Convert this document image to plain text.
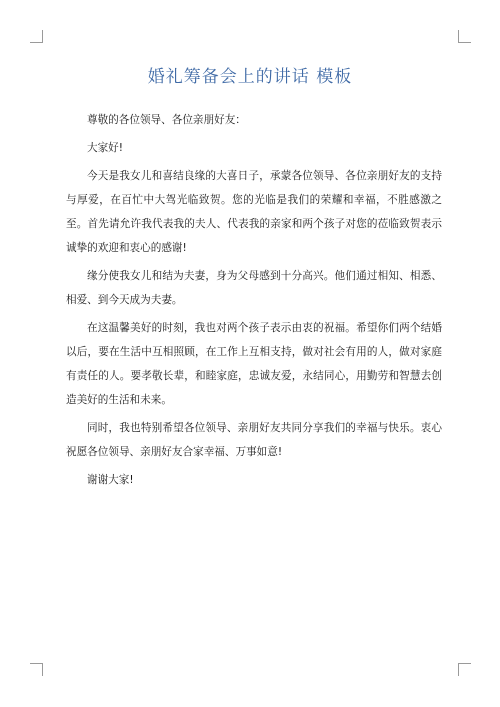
婚礼筹备会上的讲话 模板

尊敬的各位领导、各位亲朋好友：

大家好!

今天是我女儿和喜结良缘的大喜日子，承蒙各位领导、各位亲朋好友的支持与厚爱，在百忙中大驾光临致贺。您的光临是我们的荣耀和幸福，不胜感激之至。首先请允许我代表我的夫人、代表我的亲家和两个孩子对您的莅临致贺表示诚挚的欢迎和衷心的感谢!

缘分使我女儿和结为夫妻，身为父母感到十分高兴。他们通过相知、相悉、相爱、到今天成为夫妻。

在这温馨美好的时刻，我也对两个孩子表示由衷的祝福。希望你们两个结婚以后，要在生活中互相照顾，在工作上互相支持，做对社会有用的人，做对家庭有责任的人。要孝敬长辈，和睦家庭，忠诚友爱，永结同心，用勤劳和智慧去创造美好的生活和未来。

同时，我也特别希望各位领导、亲朋好友共同分享我们的幸福与快乐。衷心祝愿各位领导、亲朋好友合家幸福、万事如意!

谢谢大家!
